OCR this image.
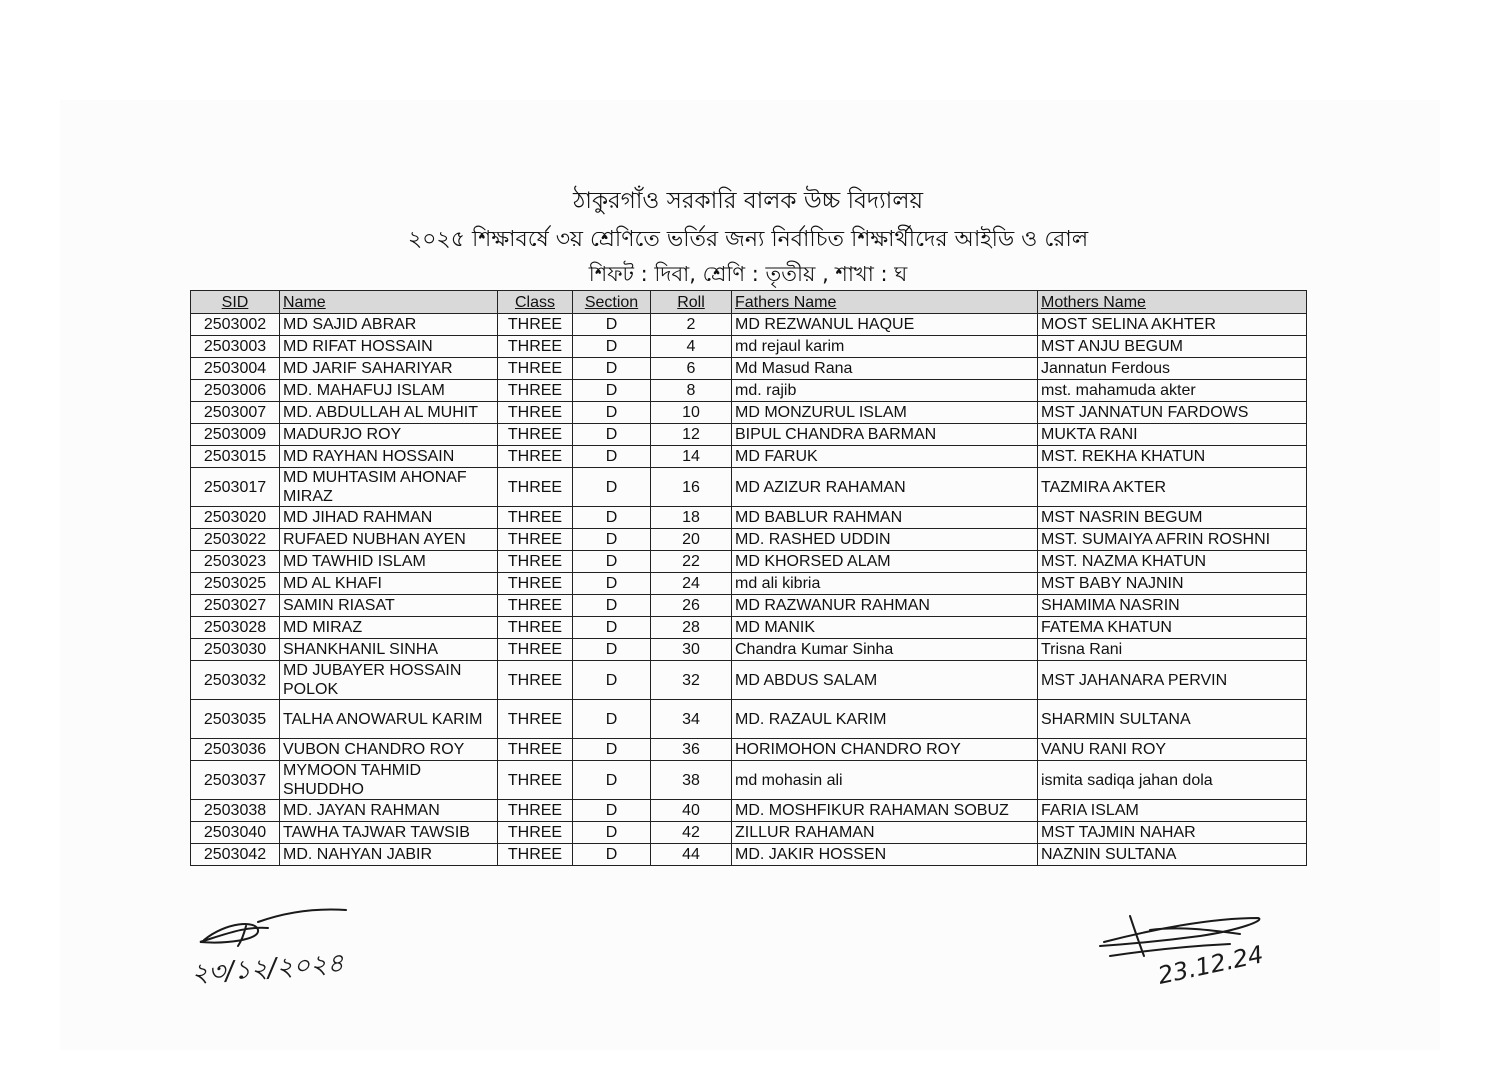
ঠাকুরগাঁও সরকারি বালক উচ্চ বিদ্যালয়
২০২৫ শিক্ষাবর্ষে ৩য় শ্রেণিতে ভর্তির জন্য নির্বাচিত শিক্ষার্থীদের আইডি ও রোল
শিফট : দিবা, শ্রেণি : তৃতীয় , শাখা : ঘ
SID	Name	Class	Section	Roll	Fathers Name	Mothers Name
2503002	MD SAJID ABRAR	THREE	D	2	MD REZWANUL HAQUE	MOST SELINA AKHTER
2503003	MD RIFAT HOSSAIN	THREE	D	4	md rejaul karim	MST ANJU BEGUM
2503004	MD JARIF SAHARIYAR	THREE	D	6	Md Masud Rana	Jannatun Ferdous
2503006	MD. MAHAFUJ ISLAM	THREE	D	8	md. rajib	mst. mahamuda akter
2503007	MD. ABDULLAH AL MUHIT	THREE	D	10	MD MONZURUL ISLAM	MST JANNATUN FARDOWS
2503009	MADURJO ROY	THREE	D	12	BIPUL CHANDRA BARMAN	MUKTA RANI
2503015	MD RAYHAN HOSSAIN	THREE	D	14	MD FARUK	MST. REKHA KHATUN
2503017	MD MUHTASIM AHONAF MIRAZ	THREE	D	16	MD AZIZUR RAHAMAN	TAZMIRA AKTER
2503020	MD JIHAD RAHMAN	THREE	D	18	MD BABLUR RAHMAN	MST NASRIN BEGUM
2503022	RUFAED NUBHAN AYEN	THREE	D	20	MD. RASHED UDDIN	MST. SUMAIYA AFRIN ROSHNI
2503023	MD TAWHID ISLAM	THREE	D	22	MD KHORSED ALAM	MST. NAZMA KHATUN
2503025	MD AL KHAFI	THREE	D	24	md ali kibria	MST BABY NAJNIN
2503027	SAMIN RIASAT	THREE	D	26	MD RAZWANUR RAHMAN	SHAMIMA NASRIN
2503028	MD MIRAZ	THREE	D	28	MD MANIK	FATEMA KHATUN
2503030	SHANKHANIL SINHA	THREE	D	30	Chandra Kumar Sinha	Trisna Rani
2503032	MD JUBAYER HOSSAIN POLOK	THREE	D	32	MD ABDUS SALAM	MST JAHANARA PERVIN
2503035	TALHA ANOWARUL KARIM	THREE	D	34	MD. RAZAUL KARIM	SHARMIN SULTANA
2503036	VUBON CHANDRO ROY	THREE	D	36	HORIMOHON CHANDRO ROY	VANU RANI ROY
2503037	MYMOON TAHMID SHUDDHO	THREE	D	38	md mohasin ali	ismita sadiqa jahan dola
2503038	MD. JAYAN RAHMAN	THREE	D	40	MD. MOSHFIKUR RAHAMAN SOBUZ	FARIA ISLAM
2503040	TAWHA TAJWAR TAWSIB	THREE	D	42	ZILLUR RAHAMAN	MST TAJMIN NAHAR
2503042	MD. NAHYAN JABIR	THREE	D	44	MD. JAKIR HOSSEN	NAZNIN SULTANA
২৩/১২/২০২৪	23.12.24
